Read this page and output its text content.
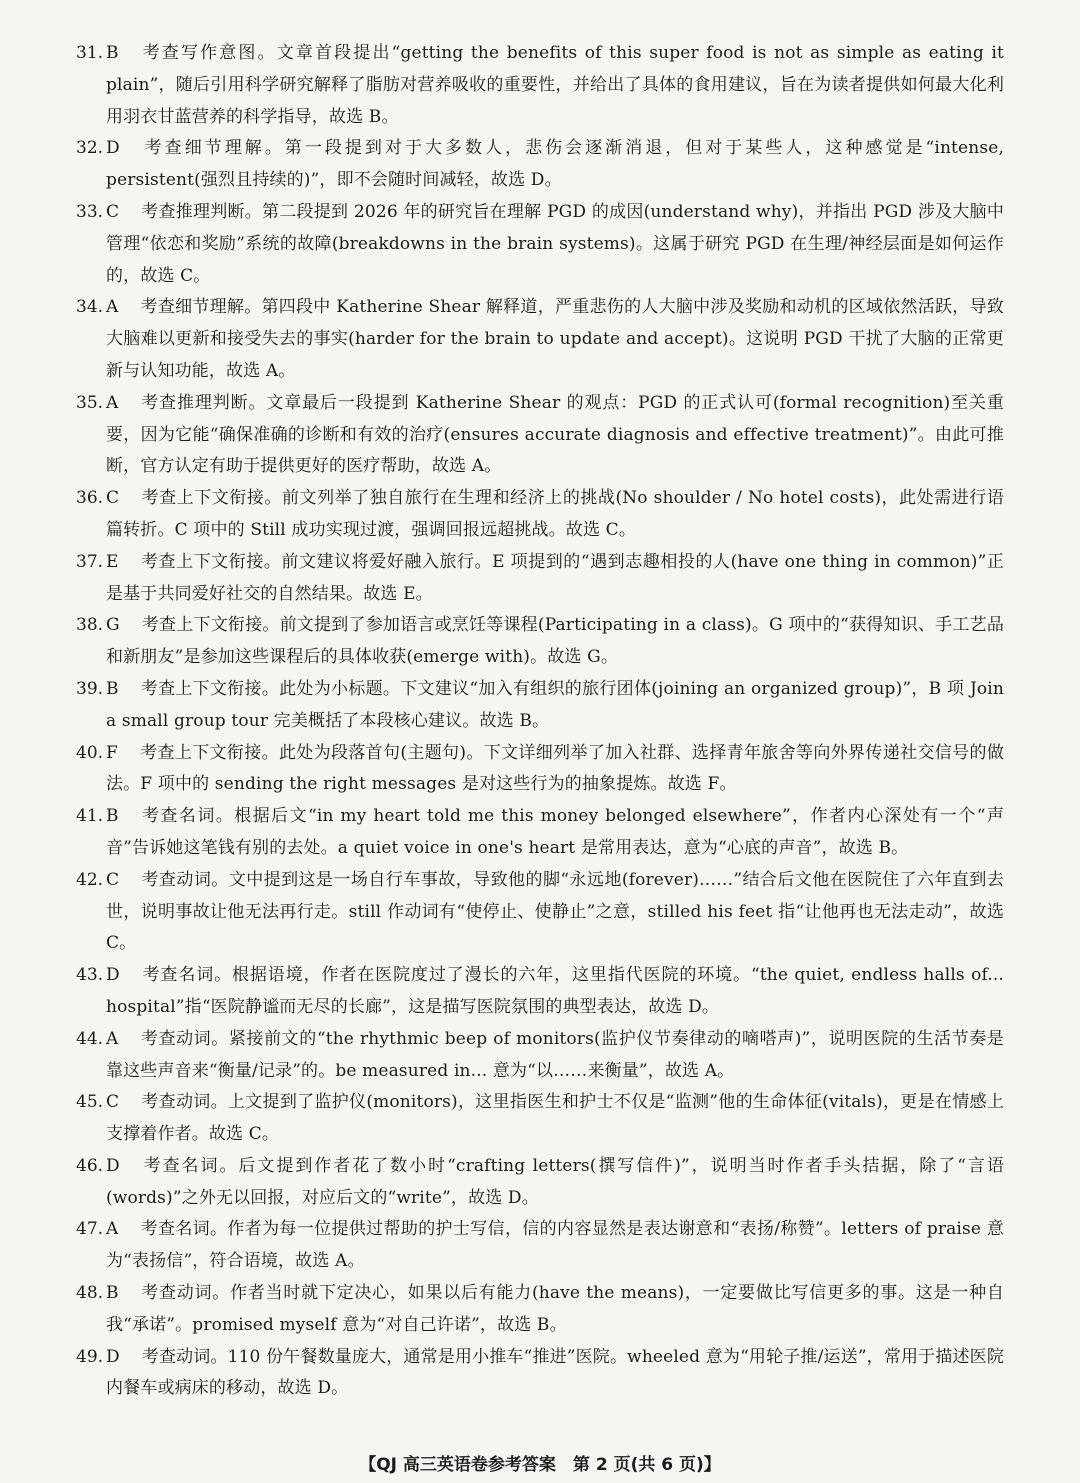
31. B 考查写作意图。文章首段提出“getting the benefits of this super food is not as simple as eating it plain”，随后引用科学研究解释了脂肪对营养吸收的重要性，并给出了具体的食用建议，旨在为读者提供如何最大化利用羽衣甘蓝营养的科学指导，故选 B。

32. D 考查细节理解。第一段提到对于大多数人，悲伤会逐渐消退，但对于某些人，这种感觉是“intense, persistent(强烈且持续的)”，即不会随时间减轻，故选 D。

33. C 考查推理判断。第二段提到 2026 年的研究旨在理解 PGD 的成因(understand why)，并指出 PGD 涉及大脑中管理“依恋和奖励”系统的故障(breakdowns in the brain systems)。这属于研究 PGD 在生理/神经层面是如何运作的，故选 C。

34. A 考查细节理解。第四段中 Katherine Shear 解释道，严重悲伤的人大脑中涉及奖励和动机的区域依然活跃，导致大脑难以更新和接受失去的事实(harder for the brain to update and accept)。这说明 PGD 干扰了大脑的正常更新与认知功能，故选 A。

35. A 考查推理判断。文章最后一段提到 Katherine Shear 的观点：PGD 的正式认可(formal recognition)至关重要，因为它能“确保准确的诊断和有效的治疗(ensures accurate diagnosis and effective treatment)”。由此可推断，官方认定有助于提供更好的医疗帮助，故选 A。

36. C 考查上下文衔接。前文列举了独自旅行在生理和经济上的挑战(No shoulder / No hotel costs)，此处需进行语篇转折。C 项中的 Still 成功实现过渡，强调回报远超挑战。故选 C。

37. E 考查上下文衔接。前文建议将爱好融入旅行。E 项提到的“遇到志趣相投的人(have one thing in common)”正是基于共同爱好社交的自然结果。故选 E。

38. G 考查上下文衔接。前文提到了参加语言或烹饪等课程(Participating in a class)。G 项中的“获得知识、手工艺品和新朋友”是参加这些课程后的具体收获(emerge with)。故选 G。

39. B 考查上下文衔接。此处为小标题。下文建议“加入有组织的旅行团体(joining an organized group)”，B 项 Join a small group tour 完美概括了本段核心建议。故选 B。

40. F 考查上下文衔接。此处为段落首句(主题句)。下文详细列举了加入社群、选择青年旅舍等向外界传递社交信号的做法。F 项中的 sending the right messages 是对这些行为的抽象提炼。故选 F。

41. B 考查名词。根据后文“in my heart told me this money belonged elsewhere”，作者内心深处有一个“声音”告诉她这笔钱有别的去处。a quiet voice in one's heart 是常用表达，意为“心底的声音”，故选 B。

42. C 考查动词。文中提到这是一场自行车事故，导致他的脚“永远地(forever)……”结合后文他在医院住了六年直到去世，说明事故让他无法再行走。still 作动词有“使停止、使静止”之意，stilled his feet 指“让他再也无法走动”，故选 C。

43. D 考查名词。根据语境，作者在医院度过了漫长的六年，这里指代医院的环境。“the quiet, endless halls of... hospital”指“医院静谧而无尽的长廊”，这是描写医院氛围的典型表达，故选 D。

44. A 考查动词。紧接前文的“the rhythmic beep of monitors(监护仪节奏律动的嘀嗒声)”，说明医院的生活节奏是靠这些声音来“衡量/记录”的。be measured in... 意为“以……来衡量”，故选 A。

45. C 考查动词。上文提到了监护仪(monitors)，这里指医生和护士不仅是“监测”他的生命体征(vitals)，更是在情感上支撑着作者。故选 C。

46. D 考查名词。后文提到作者花了数小时“crafting letters(撰写信件)”，说明当时作者手头拮据，除了“言语(words)”之外无以回报，对应后文的“write”，故选 D。

47. A 考查名词。作者为每一位提供过帮助的护士写信，信的内容显然是表达谢意和“表扬/称赞”。letters of praise 意为“表扬信”，符合语境，故选 A。

48. B 考查动词。作者当时就下定决心，如果以后有能力(have the means)，一定要做比写信更多的事。这是一种自我“承诺”。promised myself 意为“对自己许诺”，故选 B。

49. D 考查动词。110 份午餐数量庞大，通常是用小推车“推进”医院。wheeled 意为“用轮子推/运送”，常用于描述医院内餐车或病床的移动，故选 D。

【QJ 高三英语卷参考答案　第 2 页(共 6 页)】
